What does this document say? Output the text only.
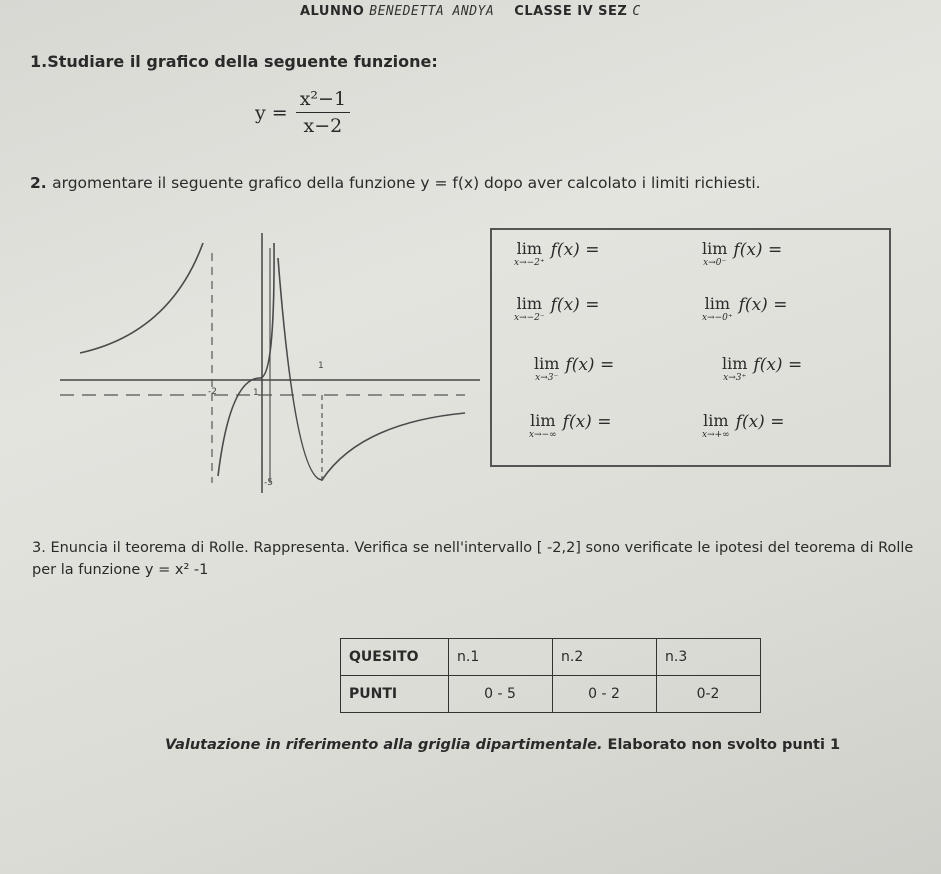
ALUNNO BENEDETTA ANDYA CLASSE IV SEZ C
1.Studiare il grafico della seguente funzione:
$y = \frac{\text{x²−1}}{x-2}$
2. argomentare il seguente grafico della funzione y = f(x) dopo aver calcolato i limiti richiesti.
1
-2	1
-5
lim
x→−2⁺
f(x) =	lim
x→0⁻
f(x) =
lim
x→−2⁻
f(x) =	lim
x→−0⁺
f(x) =
lim
x→3⁻
f(x) =	lim
x→3⁺
f(x) =
lim
x→−∞
f(x) =	lim
x→+∞
f(x) =
3. Enuncia il teorema di Rolle. Rappresenta. Verifica se nell'intervallo [ -2,2] sono verificate le ipotesi del teorema di Rolle per la funzione y = x² -1
QUESITO	n.1	n.2	n.3
PUNTI	0 - 5	0 - 2	0-2
Valutazione in riferimento alla griglia dipartimentale. Elaborato non svolto punti 1
